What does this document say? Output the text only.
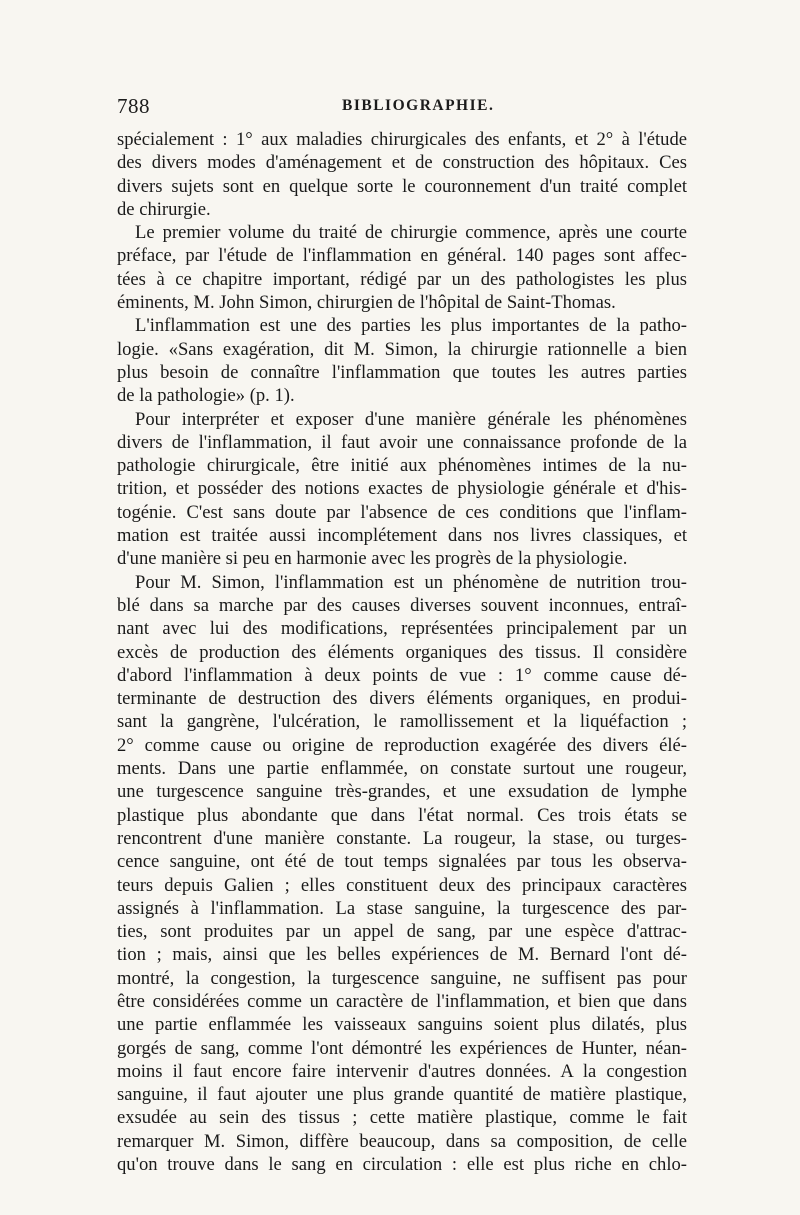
788	BIBLIOGRAPHIE.
spécialement : 1° aux maladies chirurgicales des enfants, et 2° à l'étude
des divers modes d'aménagement et de construction des hôpitaux. Ces
divers sujets sont en quelque sorte le couronnement d'un traité complet
de chirurgie.
Le premier volume du traité de chirurgie commence, après une courte
préface, par l'étude de l'inflammation en général. 140 pages sont affec-
tées à ce chapitre important, rédigé par un des pathologistes les plus
éminents, M. John Simon, chirurgien de l'hôpital de Saint-Thomas.
L'inflammation est une des parties les plus importantes de la patho-
logie. «Sans exagération, dit M. Simon, la chirurgie rationnelle a bien
plus besoin de connaître l'inflammation que toutes les autres parties
de la pathologie» (p. 1).
Pour interpréter et exposer d'une manière générale les phénomènes
divers de l'inflammation, il faut avoir une connaissance profonde de la
pathologie chirurgicale, être initié aux phénomènes intimes de la nu-
trition, et posséder des notions exactes de physiologie générale et d'his-
togénie. C'est sans doute par l'absence de ces conditions que l'inflam-
mation est traitée aussi incomplétement dans nos livres classiques, et
d'une manière si peu en harmonie avec les progrès de la physiologie.
Pour M. Simon, l'inflammation est un phénomène de nutrition trou-
blé dans sa marche par des causes diverses souvent inconnues, entraî-
nant avec lui des modifications, représentées principalement par un
excès de production des éléments organiques des tissus. Il considère
d'abord l'inflammation à deux points de vue : 1° comme cause dé-
terminante de destruction des divers éléments organiques, en produi-
sant la gangrène, l'ulcération, le ramollissement et la liquéfaction ;
2° comme cause ou origine de reproduction exagérée des divers élé-
ments. Dans une partie enflammée, on constate surtout une rougeur,
une turgescence sanguine très-grandes, et une exsudation de lymphe
plastique plus abondante que dans l'état normal. Ces trois états se
rencontrent d'une manière constante. La rougeur, la stase, ou turges-
cence sanguine, ont été de tout temps signalées par tous les observa-
teurs depuis Galien ; elles constituent deux des principaux caractères
assignés à l'inflammation. La stase sanguine, la turgescence des par-
ties, sont produites par un appel de sang, par une espèce d'attrac-
tion ; mais, ainsi que les belles expériences de M. Bernard l'ont dé-
montré, la congestion, la turgescence sanguine, ne suffisent pas pour
être considérées comme un caractère de l'inflammation, et bien que dans
une partie enflammée les vaisseaux sanguins soient plus dilatés, plus
gorgés de sang, comme l'ont démontré les expériences de Hunter, néan-
moins il faut encore faire intervenir d'autres données. A la congestion
sanguine, il faut ajouter une plus grande quantité de matière plastique,
exsudée au sein des tissus ; cette matière plastique, comme le fait
remarquer M. Simon, diffère beaucoup, dans sa composition, de celle
qu'on trouve dans le sang en circulation : elle est plus riche en chlo-
